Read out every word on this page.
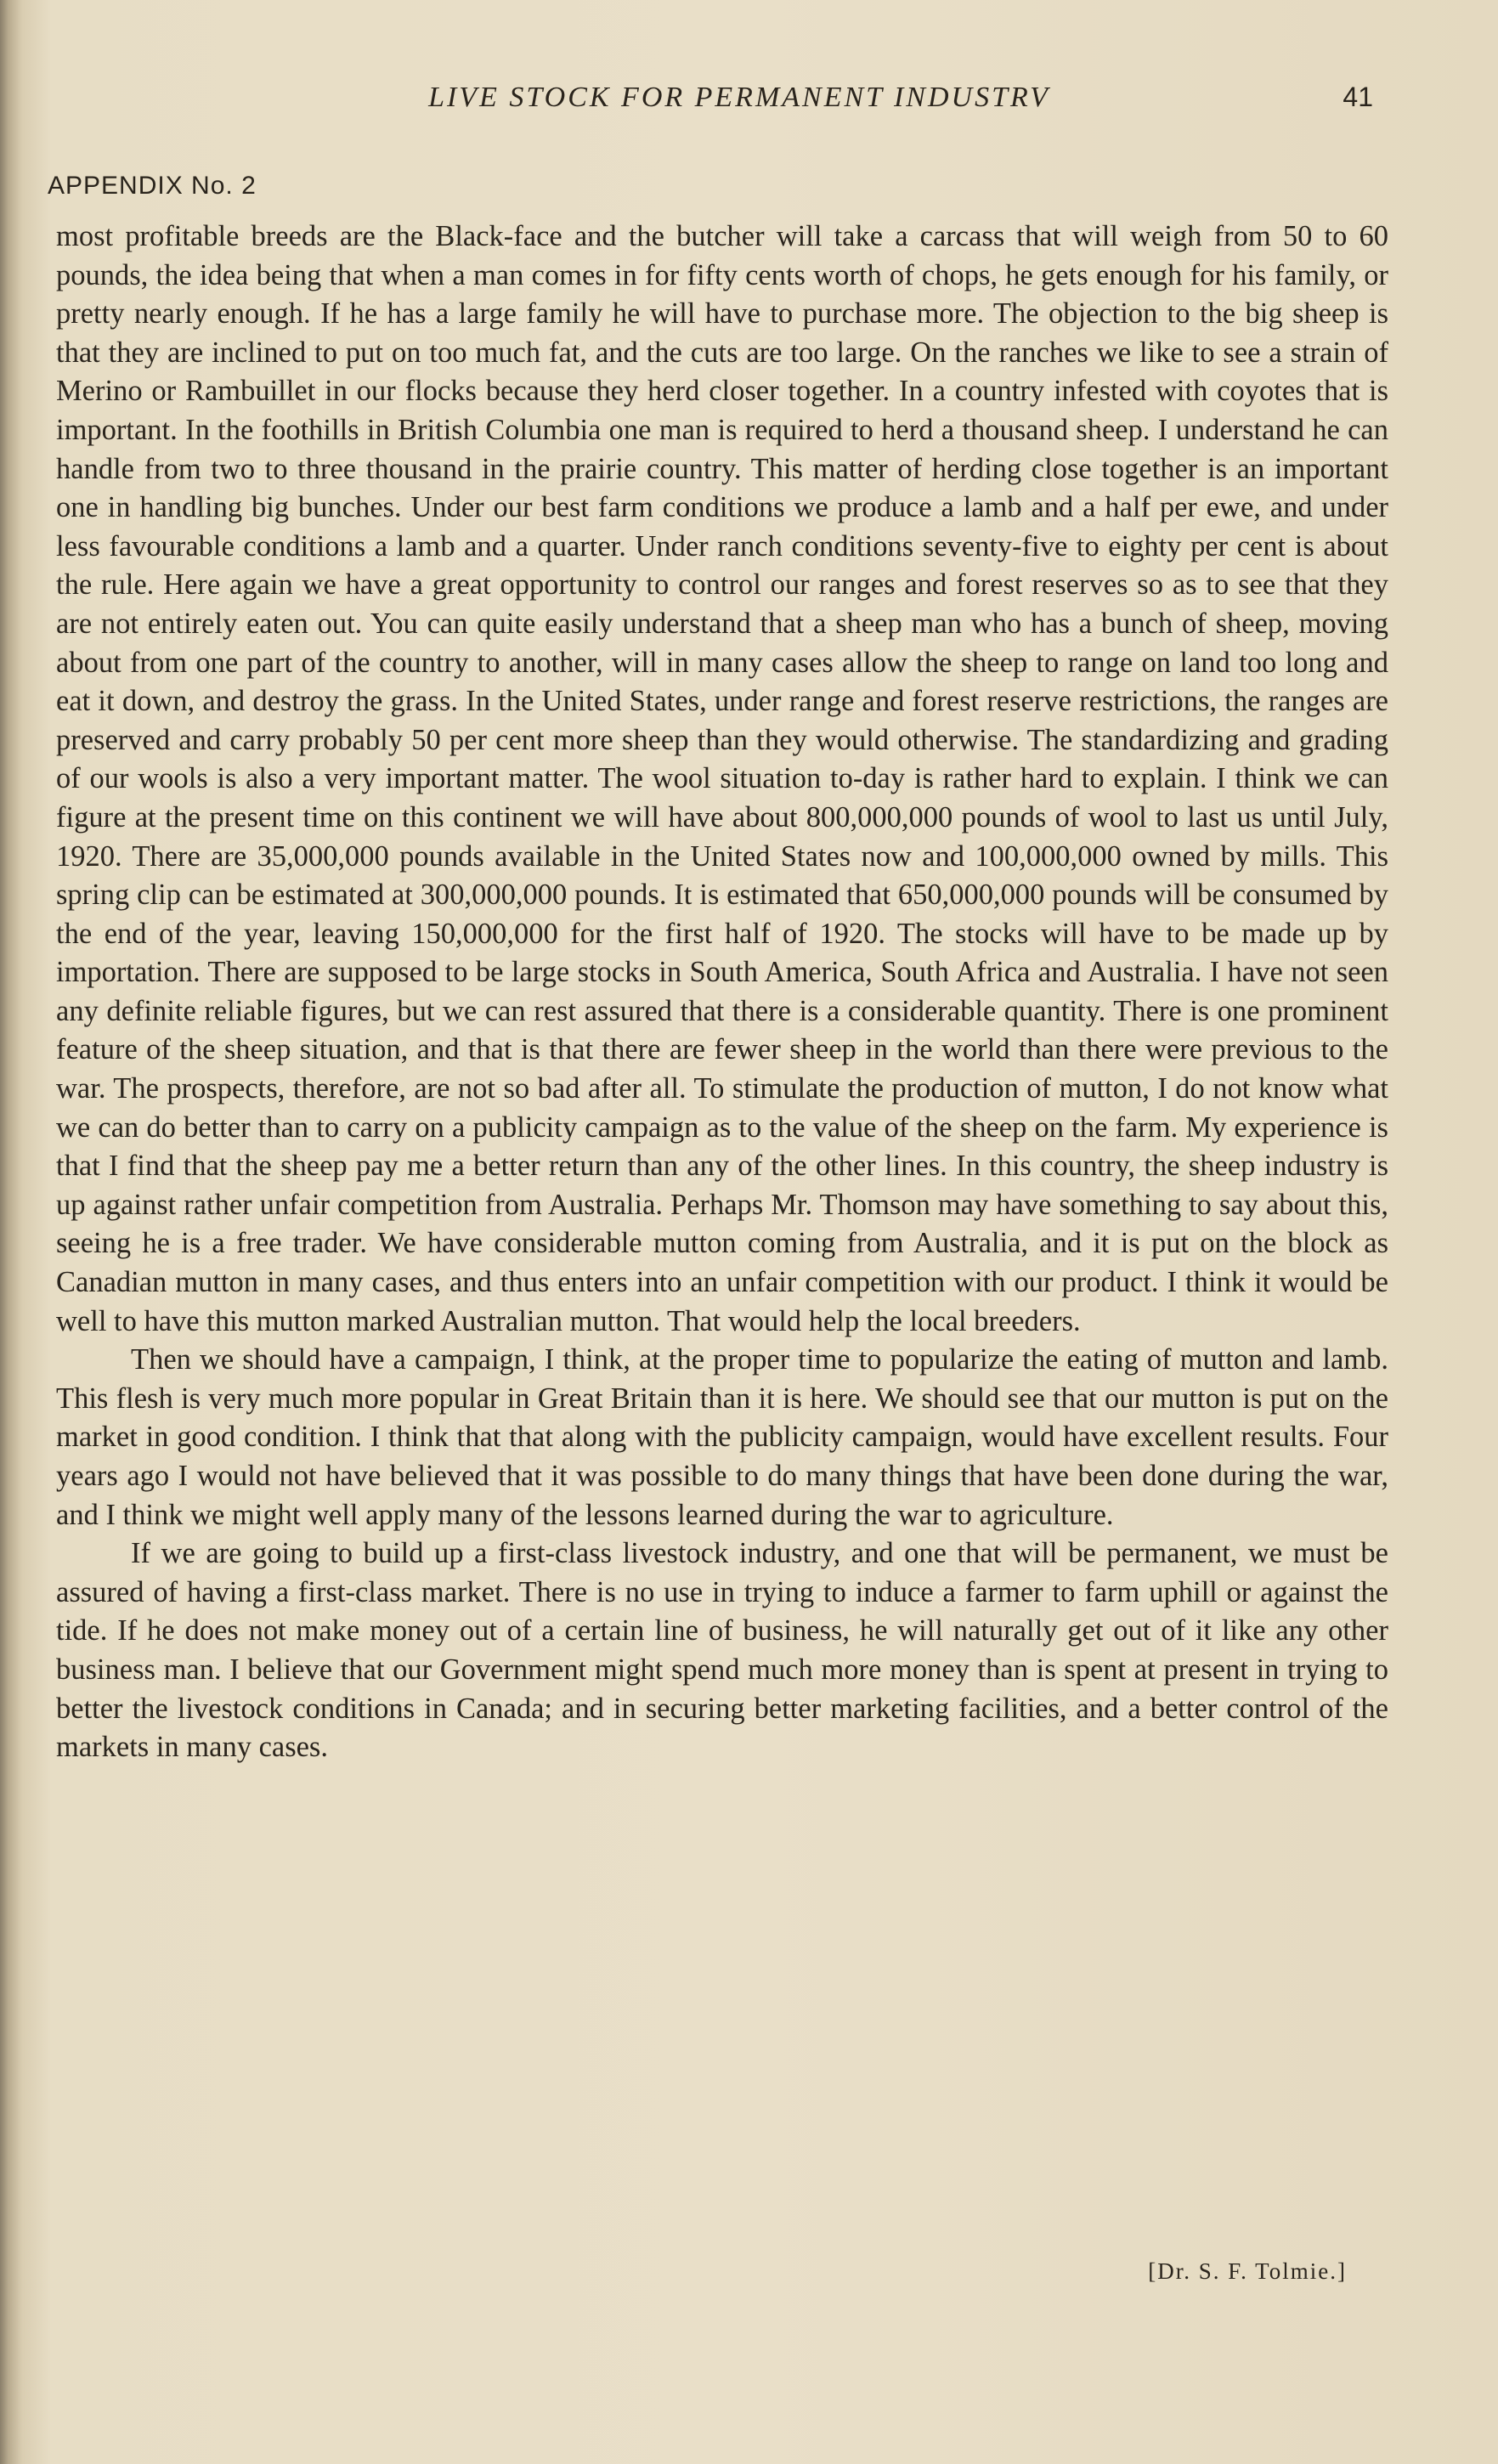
LIVE STOCK FOR PERMANENT INDUSTRV	41
APPENDIX No. 2

most profitable breeds are the Black-face and the butcher will take a carcass that will weigh from 50 to 60 pounds, the idea being that when a man comes in for fifty cents worth of chops, he gets enough for his family, or pretty nearly enough. If he has a large family he will have to purchase more. The objection to the big sheep is that they are inclined to put on too much fat, and the cuts are too large. On the ranches we like to see a strain of Merino or Rambuillet in our flocks because they herd closer together. In a country infested with coyotes that is important. In the foothills in British Columbia one man is required to herd a thousand sheep. I understand he can handle from two to three thousand in the prairie country. This matter of herding close together is an important one in handling big bunches. Under our best farm conditions we produce a lamb and a half per ewe, and under less favourable conditions a lamb and a quarter. Under ranch conditions seventy-five to eighty per cent is about the rule. Here again we have a great opportunity to control our ranges and forest reserves so as to see that they are not entirely eaten out. You can quite easily understand that a sheep man who has a bunch of sheep, moving about from one part of the country to another, will in many cases allow the sheep to range on land too long and eat it down, and destroy the grass. In the United States, under range and forest reserve restrictions, the ranges are preserved and carry probably 50 per cent more sheep than they would otherwise. The standardizing and grading of our wools is also a very important matter. The wool situation to-day is rather hard to explain. I think we can figure at the present time on this continent we will have about 800,000,000 pounds of wool to last us until July, 1920. There are 35,000,000 pounds available in the United States now and 100,000,000 owned by mills. This spring clip can be estimated at 300,000,000 pounds. It is estimated that 650,000,000 pounds will be consumed by the end of the year, leaving 150,000,000 for the first half of 1920. The stocks will have to be made up by importation. There are supposed to be large stocks in South America, South Africa and Australia. I have not seen any definite reliable figures, but we can rest assured that there is a considerable quantity. There is one prominent feature of the sheep situation, and that is that there are fewer sheep in the world than there were previous to the war. The prospects, therefore, are not so bad after all. To stimulate the production of mutton, I do not know what we can do better than to carry on a publicity campaign as to the value of the sheep on the farm. My experience is that I find that the sheep pay me a better return than any of the other lines. In this country, the sheep industry is up against rather unfair competition from Australia. Perhaps Mr. Thomson may have something to say about this, seeing he is a free trader. We have considerable mutton coming from Australia, and it is put on the block as Canadian mutton in many cases, and thus enters into an unfair competition with our product. I think it would be well to have this mutton marked Australian mutton. That would help the local breeders.

Then we should have a campaign, I think, at the proper time to popularize the eating of mutton and lamb. This flesh is very much more popular in Great Britain than it is here. We should see that our mutton is put on the market in good condition. I think that that along with the publicity campaign, would have excellent results. Four years ago I would not have believed that it was possible to do many things that have been done during the war, and I think we might well apply many of the lessons learned during the war to agriculture.

If we are going to build up a first-class livestock industry, and one that will be permanent, we must be assured of having a first-class market. There is no use in trying to induce a farmer to farm uphill or against the tide. If he does not make money out of a certain line of business, he will naturally get out of it like any other business man. I believe that our Government might spend much more money than is spent at present in trying to better the livestock conditions in Canada; and in securing better marketing facilities, and a better control of the markets in many cases.

[Dr. S. F. Tolmie.]
